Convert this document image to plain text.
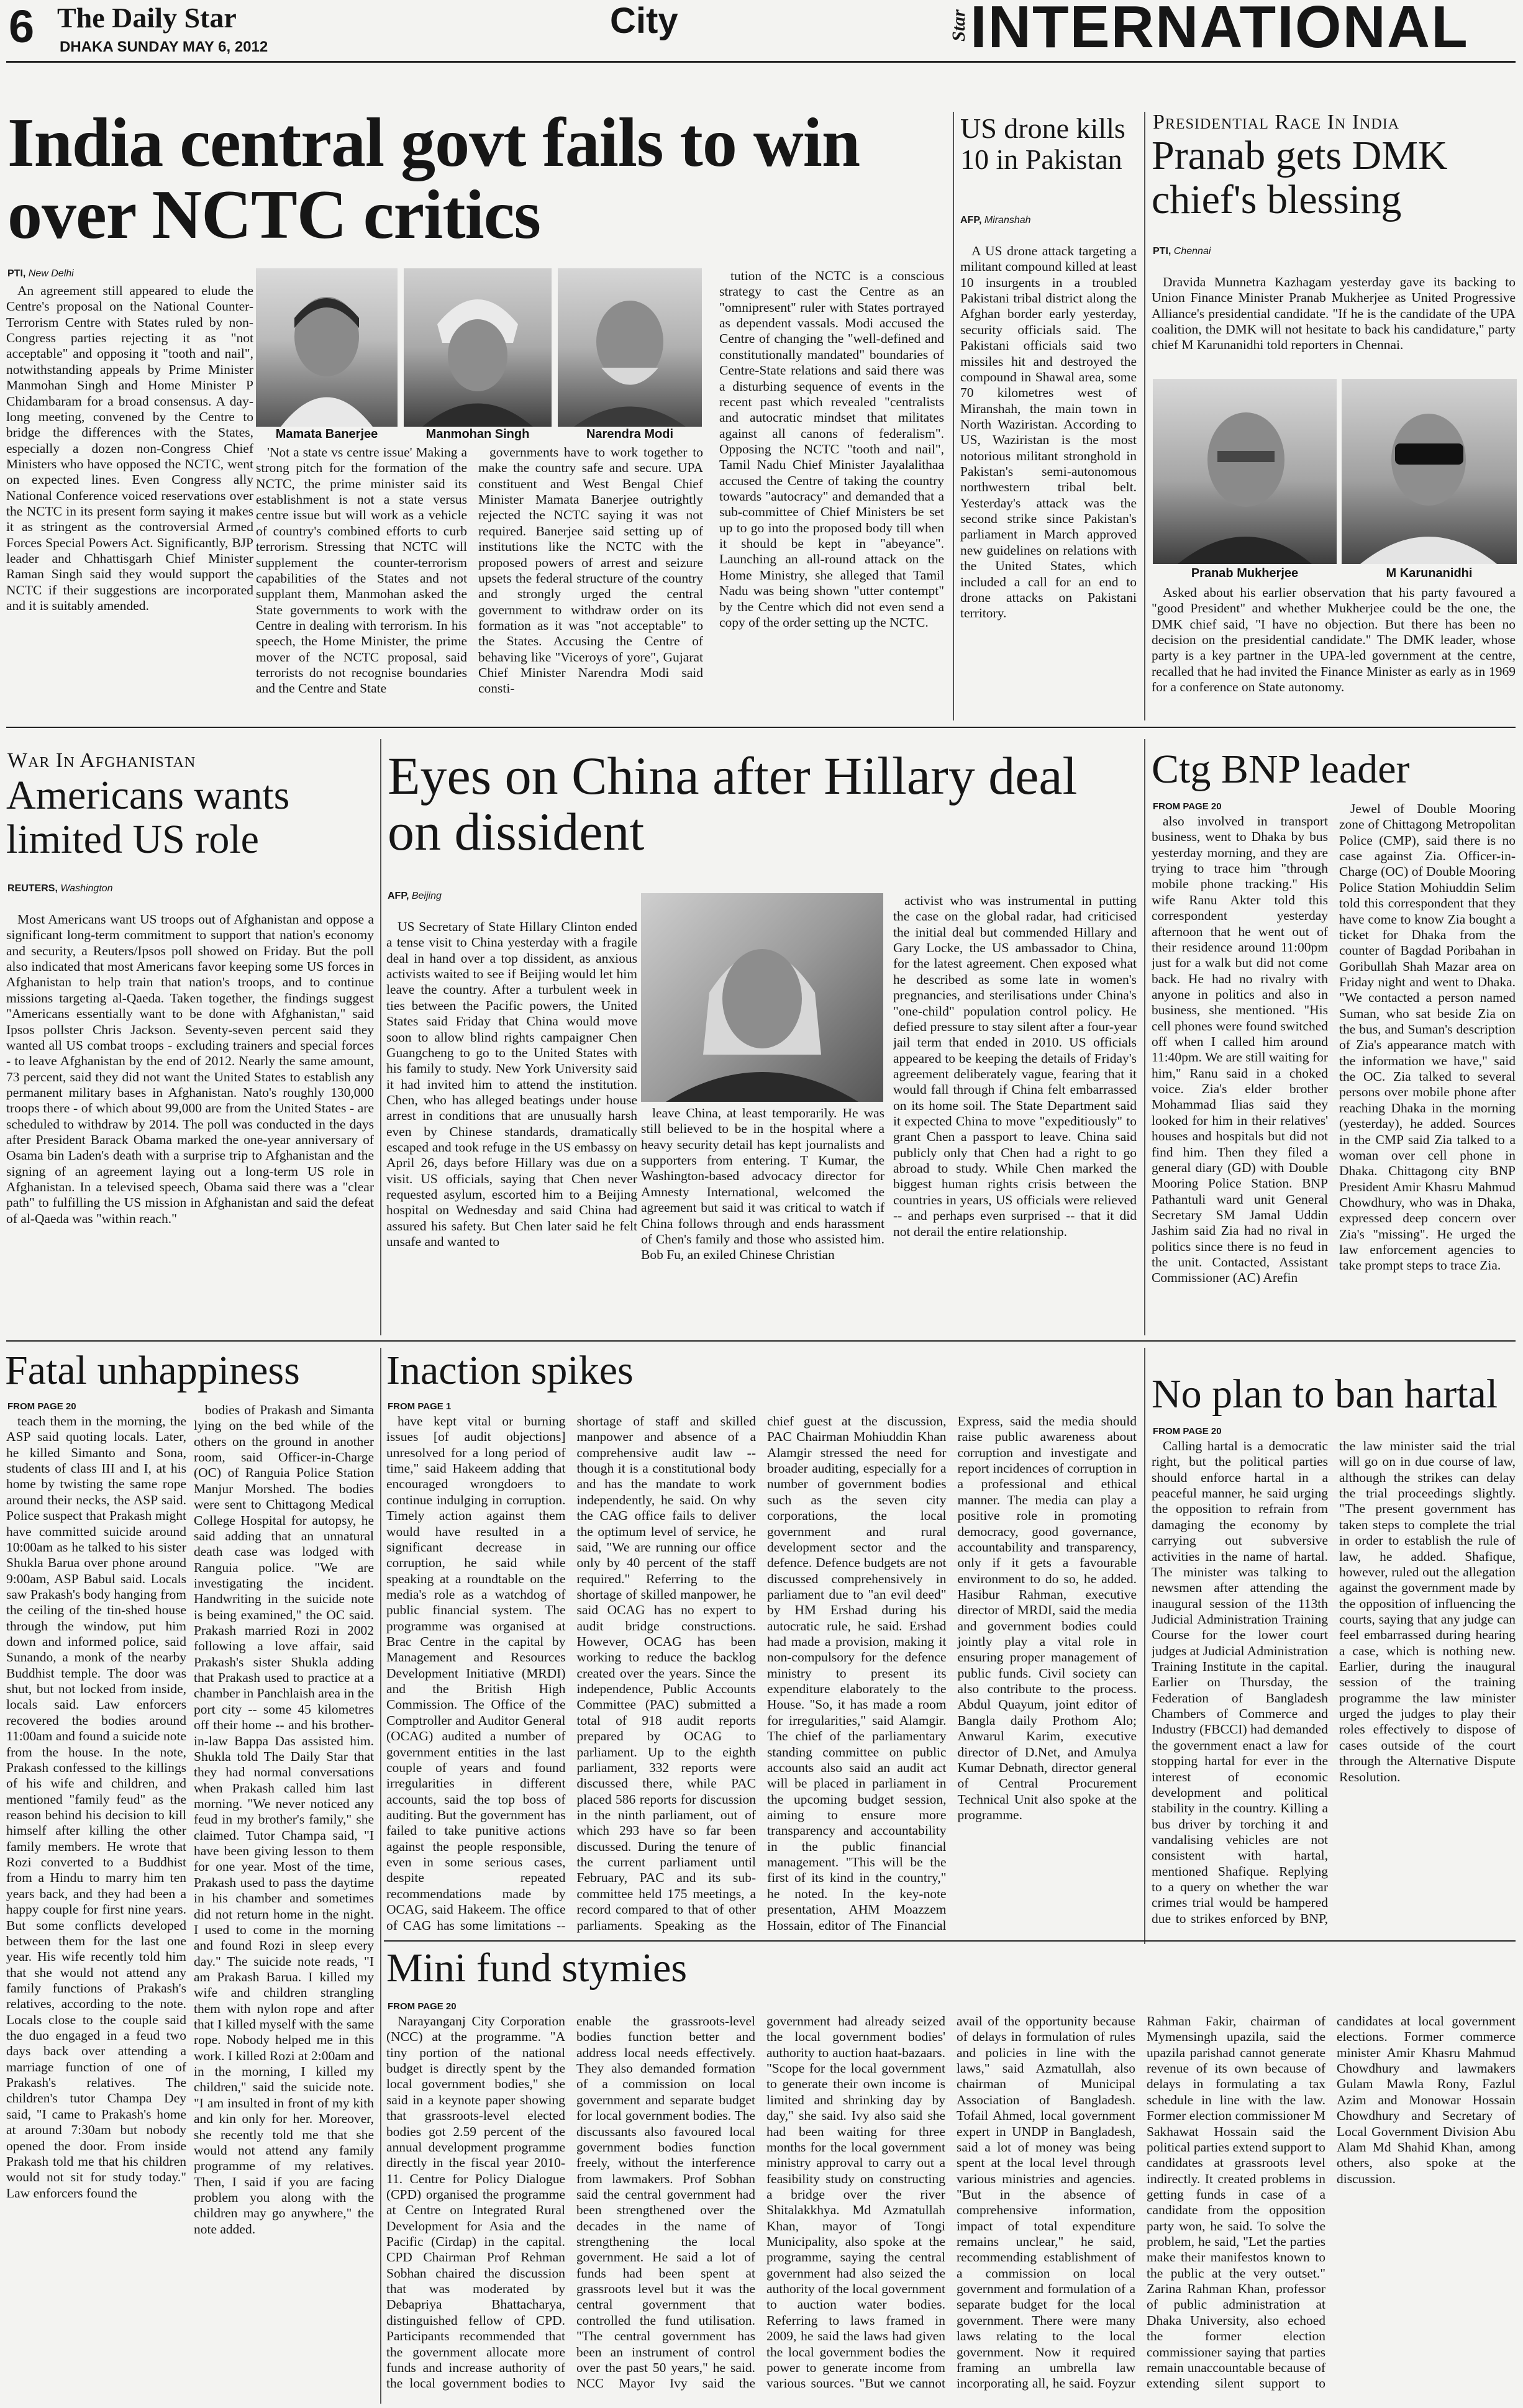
6 The Daily Star
DHAKA SUNDAY MAY 6, 2012
City	Star INTERNATIONAL
India central govt fails to win over NCTC critics
PTI, New Delhi

An agreement still appeared to elude the Centre's proposal on the National Counter-Terrorism Centre with States ruled by non-Congress parties rejecting it as "not acceptable" and opposing it "tooth and nail", notwithstanding appeals by Prime Minister Manmohan Singh and Home Minister P Chidambaram for a broad consensus. A day-long meeting, convened by the Centre to bridge the differences with the States, especially a dozen non-Congress Chief Ministers who have opposed the NCTC, went on expected lines. Even Congress ally National Conference voiced reservations over the NCTC in its present form saying it makes it as stringent as the controversial Armed Forces Special Powers Act. Significantly, BJP leader and Chhattisgarh Chief Minister Raman Singh said they would support the NCTC if their suggestions are incorporated and it is suitably amended.

Mamata Banerjee	Manmohan Singh	Narendra Modi

'Not a state vs centre issue' Making a strong pitch for the formation of the NCTC, the prime minister said its establishment is not a state versus centre issue but will work as a vehicle of country's combined efforts to curb terrorism. Stressing that NCTC will supplement the counter-terrorism capabilities of the States and not supplant them, Manmohan asked the State governments to work with the Centre in dealing with terrorism. In his speech, the Home Minister, the prime mover of the NCTC proposal, said terrorists do not recognise boundaries and the Centre and State

governments have to work together to make the country safe and secure. UPA constituent and West Bengal Chief Minister Mamata Banerjee outrightly rejected the NCTC saying it was not required. Banerjee said setting up of institutions like the NCTC with the proposed powers of arrest and seizure upsets the federal structure of the country and strongly urged the central government to withdraw order on its formation as it was "not acceptable" to the States. Accusing the Centre of behaving like "Viceroys of yore", Gujarat Chief Minister Narendra Modi said consti-

tution of the NCTC is a conscious strategy to cast the Centre as an "omnipresent" ruler with States portrayed as dependent vassals. Modi accused the Centre of changing the "well-defined and constitutionally mandated" boundaries of Centre-State relations and said there was a disturbing sequence of events in the recent past which revealed "centralists and autocratic mindset that militates against all canons of federalism". Opposing the NCTC "tooth and nail", Tamil Nadu Chief Minister Jayalalithaa accused the Centre of taking the country towards "autocracy" and demanded that a sub-committee of Chief Ministers be set up to go into the proposed body till when it should be kept in "abeyance". Launching an all-round attack on the Home Ministry, she alleged that Tamil Nadu was being shown "utter contempt" by the Centre which did not even send a copy of the order setting up the NCTC.

US drone kills 10 in Pakistan
AFP, Miranshah

A US drone attack targeting a militant compound killed at least 10 insurgents in a troubled Pakistani tribal district along the Afghan border early yesterday, security officials said. The Pakistani officials said two missiles hit and destroyed the compound in Shawal area, some 70 kilometres west of Miranshah, the main town in North Waziristan. According to US, Waziristan is the most notorious militant stronghold in Pakistan's semi-autonomous northwestern tribal belt. Yesterday's attack was the second strike since Pakistan's parliament in March approved new guidelines on relations with the United States, which included a call for an end to drone attacks on Pakistani territory.

Presidential Race In India
Pranab gets DMK chief's blessing
PTI, Chennai

Dravida Munnetra Kazhagam yesterday gave its backing to Union Finance Minister Pranab Mukherjee as United Progressive Alliance's presidential candidate. "If he is the candidate of the UPA coalition, the DMK will not hesitate to back his candidature," party chief M Karunanidhi told reporters in Chennai.

Pranab Mukherjee	M Karunanidhi

Asked about his earlier observation that his party favoured a "good President" and whether Mukherjee could be the one, the DMK chief said, "I have no objection. But there has been no decision on the presidential candidate." The DMK leader, whose party is a key partner in the UPA-led government at the centre, recalled that he had invited the Finance Minister as early as in 1969 for a conference on State autonomy.

War In Afghanistan
Americans wants limited US role
REUTERS, Washington

Most Americans want US troops out of Afghanistan and oppose a significant long-term commitment to support that nation's economy and security, a Reuters/Ipsos poll showed on Friday. But the poll also indicated that most Americans favor keeping some US forces in Afghanistan to help train that nation's troops, and to continue missions targeting al-Qaeda. Taken together, the findings suggest "Americans essentially want to be done with Afghanistan," said Ipsos pollster Chris Jackson. Seventy-seven percent said they wanted all US combat troops - excluding trainers and special forces - to leave Afghanistan by the end of 2012. Nearly the same amount, 73 percent, said they did not want the United States to establish any permanent military bases in Afghanistan. Nato's roughly 130,000 troops there - of which about 99,000 are from the United States - are scheduled to withdraw by 2014. The poll was conducted in the days after President Barack Obama marked the one-year anniversary of Osama bin Laden's death with a surprise trip to Afghanistan and the signing of an agreement laying out a long-term US role in Afghanistan. In a televised speech, Obama said there was a "clear path" to fulfilling the US mission in Afghanistan and said the defeat of al-Qaeda was "within reach."

Eyes on China after Hillary deal on dissident
AFP, Beijing

US Secretary of State Hillary Clinton ended a tense visit to China yesterday with a fragile deal in hand over a top dissident, as anxious activists waited to see if Beijing would let him leave the country. After a turbulent week in ties between the Pacific powers, the United States said Friday that China would move soon to allow blind rights campaigner Chen Guangcheng to go to the United States with his family to study. New York University said it had invited him to attend the institution. Chen, who has alleged beatings under house arrest in conditions that are unusually harsh even by Chinese standards, dramatically escaped and took refuge in the US embassy on April 26, days before Hillary was due on a visit. US officials, saying that Chen never requested asylum, escorted him to a Beijing hospital on Wednesday and said China had assured his safety. But Chen later said he felt unsafe and wanted to

leave China, at least temporarily. He was still believed to be in the hospital where a heavy security detail has kept journalists and supporters from entering. T Kumar, the Washington-based advocacy director for Amnesty International, welcomed the agreement but said it was critical to watch if China follows through and ends harassment of Chen's family and those who assisted him. Bob Fu, an exiled Chinese Christian

activist who was instrumental in putting the case on the global radar, had criticised the initial deal but commended Hillary and Gary Locke, the US ambassador to China, for the latest agreement. Chen exposed what he described as some late in women's pregnancies, and sterilisations under China's "one-child" population control policy. He defied pressure to stay silent after a four-year jail term that ended in 2010. US officials appeared to be keeping the details of Friday's agreement deliberately vague, fearing that it would fall through if China felt embarrassed on its home soil. The State Department said it expected China to move "expeditiously" to grant Chen a passport to leave. China said publicly only that Chen had a right to go abroad to study. While Chen marked the biggest human rights crisis between the countries in years, US officials were relieved -- and perhaps even surprised -- that it did not derail the entire relationship.

Ctg BNP leader
FROM PAGE 20

also involved in transport business, went to Dhaka by bus yesterday morning, and they are trying to trace him "through mobile phone tracking." His wife Ranu Akter told this correspondent yesterday afternoon that he went out of their residence around 11:00pm just for a walk but did not come back. He had no rivalry with anyone in politics and also in business, she mentioned. "His cell phones were found switched off when I called him around 11:40pm. We are still waiting for him," Ranu said in a choked voice. Zia's elder brother Mohammad Ilias said they looked for him in their relatives' houses and hospitals but did not find him. Then they filed a general diary (GD) with Double Mooring Police Station. BNP Pathantuli ward unit General Secretary SM Jamal Uddin Jashim said Zia had no rival in politics since there is no feud in the unit. Contacted, Assistant Commissioner (AC) Arefin

Jewel of Double Mooring zone of Chittagong Metropolitan Police (CMP), said there is no case against Zia. Officer-in-Charge (OC) of Double Mooring Police Station Mohiuddin Selim told this correspondent that they have come to know Zia bought a ticket for Dhaka from the counter of Bagdad Poribahan in Goribullah Shah Mazar area on Friday night and went to Dhaka. "We contacted a person named Suman, who sat beside Zia on the bus, and Suman's description of Zia's appearance match with the information we have," said the OC. Zia talked to several persons over mobile phone after reaching Dhaka in the morning (yesterday), he added. Sources in the CMP said Zia talked to a woman over cell phone in Dhaka. Chittagong city BNP President Amir Khasru Mahmud Chowdhury, who was in Dhaka, expressed deep concern over Zia's "missing". He urged the law enforcement agencies to take prompt steps to trace Zia.

Fatal unhappiness
FROM PAGE 20

teach them in the morning, the ASP said quoting locals. Later, he killed Simanto and Sona, students of class III and I, at his home by twisting the same rope around their necks, the ASP said. Police suspect that Prakash might have committed suicide around 10:00am as he talked to his sister Shukla Barua over phone around 9:00am, ASP Babul said. Locals saw Prakash's body hanging from the ceiling of the tin-shed house through the window, put him down and informed police, said Sunando, a monk of the nearby Buddhist temple. The door was shut, but not locked from inside, locals said. Law enforcers recovered the bodies around 11:00am and found a suicide note from the house. In the note, Prakash confessed to the killings of his wife and children, and mentioned "family feud" as the reason behind his decision to kill himself after killing the other family members. He wrote that Rozi converted to a Buddhist from a Hindu to marry him ten years back, and they had been a happy couple for first nine years. But some conflicts developed between them for the last one year. His wife recently told him that she would not attend any family functions of Prakash's relatives, according to the note. Locals close to the couple said the duo engaged in a feud two days back over attending a marriage function of one of Prakash's relatives. The children's tutor Champa Dey said, "I came to Prakash's home at around 7:30am but nobody opened the door. From inside Prakash told me that his children would not sit for study today." Law enforcers found the

bodies of Prakash and Simanta lying on the bed while of the others on the ground in another room, said Officer-in-Charge (OC) of Ranguia Police Station Manjur Morshed. The bodies were sent to Chittagong Medical College Hospital for autopsy, he said adding that an unnatural death case was lodged with Ranguia police. "We are investigating the incident. Handwriting in the suicide note is being examined," the OC said. Prakash married Rozi in 2002 following a love affair, said Prakash's sister Shukla adding that Prakash used to practice at a chamber in Panchlaish area in the port city -- some 45 kilometres off their home -- and his brother-in-law Bappa Das assisted him. Shukla told The Daily Star that they had normal conversations when Prakash called him last morning. "We never noticed any feud in my brother's family," she claimed. Tutor Champa said, "I have been giving lesson to them for one year. Most of the time, Prakash used to pass the daytime in his chamber and sometimes did not return home in the night. I used to come in the morning and found Rozi in sleep every day." The suicide note reads, "I am Prakash Barua. I killed my wife and children strangling them with nylon rope and after that I killed myself with the same rope. Nobody helped me in this work. I killed Rozi at 2:00am and in the morning, I killed my children," said the suicide note. "I am insulted in front of my kith and kin only for her. Moreover, she recently told me that she would not attend any family programme of my relatives. Then, I said if you are facing problem you along with the children may go anywhere," the note added.

Inaction spikes
FROM PAGE 1

have kept vital or burning issues [of audit objections] unresolved for a long period of time," said Hakeem adding that encouraged wrongdoers to continue indulging in corruption. Timely action against them would have resulted in a significant decrease in corruption, he said while speaking at a roundtable on the media's role as a watchdog of public financial system. The programme was organised at Brac Centre in the capital by Management and Resources Development Initiative (MRDI) and the British High Commission. The Office of the Comptroller and Auditor General (OCAG) audited a number of government entities in the last couple of years and found irregularities in different accounts, said the top boss of auditing. But the government has failed to take punitive actions against the people responsible, even in some serious cases, despite repeated recommendations made by OCAG, said Hakeem. The office of CAG has some limitations -- shortage of staff and skilled manpower and absence of a comprehensive audit law -- though it is a constitutional body and has the mandate to work independently, he said. On why the CAG office fails to deliver the optimum level of service, he said, "We are running our office only by 40 percent of the staff required." Referring to the shortage of skilled manpower, he said OCAG has no expert to audit bridge constructions. However, OCAG has been working to reduce the backlog created over the years. Since the independence, Public Accounts Committee (PAC) submitted a total of 918 audit reports prepared by OCAG to parliament. Up to the eighth parliament, 332 reports were discussed there, while PAC placed 586 reports for discussion in the ninth parliament, out of which 293 have so far been discussed. During the tenure of the current parliament until February, PAC and its sub-committee held 175 meetings, a record compared to that of other parliaments. Speaking as the chief guest at the discussion, PAC Chairman Mohiuddin Khan Alamgir stressed the need for broader auditing, especially for a number of government bodies such as the seven city corporations, the local government and rural development sector and the defence. Defence budgets are not discussed comprehensively in parliament due to "an evil deed" by HM Ershad during his autocratic rule, he said. Ershad had made a provision, making it non-compulsory for the defence ministry to present its expenditure elaborately to the House. "So, it has made a room for irregularities," said Alamgir. The chief of the parliamentary standing committee on public accounts also said an audit act will be placed in parliament in the upcoming budget session, aiming to ensure more transparency and accountability in the public financial management. "This will be the first of its kind in the country," he noted. In the key-note presentation, AHM Moazzem Hossain, editor of The Financial Express, said the media should raise public awareness about corruption and investigate and report incidences of corruption in a professional and ethical manner. The media can play a positive role in promoting democracy, good governance, accountability and transparency, only if it gets a favourable environment to do so, he added. Hasibur Rahman, executive director of MRDI, said the media and government bodies could jointly play a vital role in ensuring proper management of public funds. Civil society can also contribute to the process. Abdul Quayum, joint editor of Bangla daily Prothom Alo; Anwarul Karim, executive director of D.Net, and Amulya Kumar Debnath, director general of Central Procurement Technical Unit also spoke at the programme.

No plan to ban hartal
FROM PAGE 20

Calling hartal is a democratic right, but the political parties should enforce hartal in a peaceful manner, he said urging the opposition to refrain from damaging the economy by carrying out subversive activities in the name of hartal. The minister was talking to newsmen after attending the inaugural session of the 113th Judicial Administration Training Course for the lower court judges at Judicial Administration Training Institute in the capital. Earlier on Thursday, the Federation of Bangladesh Chambers of Commerce and Industry (FBCCI) had demanded the government enact a law for stopping hartal for ever in the interest of economic development and political stability in the country. Killing a bus driver by torching it and vandalising vehicles are not consistent with hartal, mentioned Shafique. Replying to a query on whether the war crimes trial would be hampered due to strikes enforced by BNP, the law minister said the trial will go on in due course of law, although the strikes can delay the trial proceedings slightly. "The present government has taken steps to complete the trial in order to establish the rule of law, he added. Shafique, however, ruled out the allegation against the government made by the opposition of influencing the courts, saying that any judge can feel embarrassed during hearing a case, which is nothing new. Earlier, during the inaugural session of the training programme the law minister urged the judges to play their roles effectively to dispose of cases outside of the court through the Alternative Dispute Resolution.

Mini fund stymies
FROM PAGE 20

Narayanganj City Corporation (NCC) at the programme. "A tiny portion of the national budget is directly spent by the local government bodies," she said in a keynote paper showing that grassroots-level elected bodies got 2.59 percent of the annual development programme directly in the fiscal year 2010-11. Centre for Policy Dialogue (CPD) organised the programme at Centre on Integrated Rural Development for Asia and the Pacific (Cirdap) in the capital. CPD Chairman Prof Rehman Sobhan chaired the discussion that was moderated by Debapriya Bhattacharya, distinguished fellow of CPD. Participants recommended that the government allocate more funds and increase authority of the local government bodies to enable the grassroots-level bodies function better and address local needs effectively. They also demanded formation of a commission on local government and separate budget for local government bodies. The discussants also favoured local government bodies function freely, without the interference from lawmakers. Prof Sobhan said the central government had been strengthened over the decades in the name of strengthening the local government. He said a lot of funds had been spent at grassroots level but it was the central government that controlled the fund utilisation. "The central government has been an instrument of control over the past 50 years," he said. NCC Mayor Ivy said the government had already seized the local government bodies' authority to auction haat-bazaars. "Scope for the local government to generate their own income is limited and shrinking day by day," she said. Ivy also said she had been waiting for three months for the local government ministry approval to carry out a feasibility study on constructing a bridge over the river Shitalakkhya. Md Azmatullah Khan, mayor of Tongi Municipality, also spoke at the programme, saying the central government had also seized the authority of the local government to auction water bodies. Referring to laws framed in 2009, he said the laws had given the local government bodies the power to generate income from various sources. "But we cannot avail of the opportunity because of delays in formulation of rules and policies in line with the laws," said Azmatullah, also chairman of Municipal Association of Bangladesh. Tofail Ahmed, local government expert in UNDP in Bangladesh, said a lot of money was being spent at the local level through various ministries and agencies. "But in the absence of comprehensive information, impact of total expenditure remains unclear," he said, recommending establishment of a commission on local government and formulation of a separate budget for the local government. There were many laws relating to the local government. Now it required framing an umbrella law incorporating all, he said. Foyzur Rahman Fakir, chairman of Mymensingh upazila, said the upazila parishad cannot generate revenue of its own because of delays in formulating a tax schedule in line with the law. Former election commissioner M Sakhawat Hossain said the political parties extend support to candidates at grassroots level indirectly. It created problems in getting funds in case of a candidate from the opposition party won, he said. To solve the problem, he said, "Let the parties make their manifestos known to the public at the very outset." Zarina Rahman Khan, professor of public administration at Dhaka University, also echoed the former election commissioner saying that parties remain unaccountable because of extending silent support to candidates at local government elections. Former commerce minister Amir Khasru Mahmud Chowdhury and lawmakers Gulam Mawla Rony, Fazlul Azim and Monowar Hossain Chowdhury and Secretary of Local Government Division Abu Alam Md Shahid Khan, among others, also spoke at the discussion.
